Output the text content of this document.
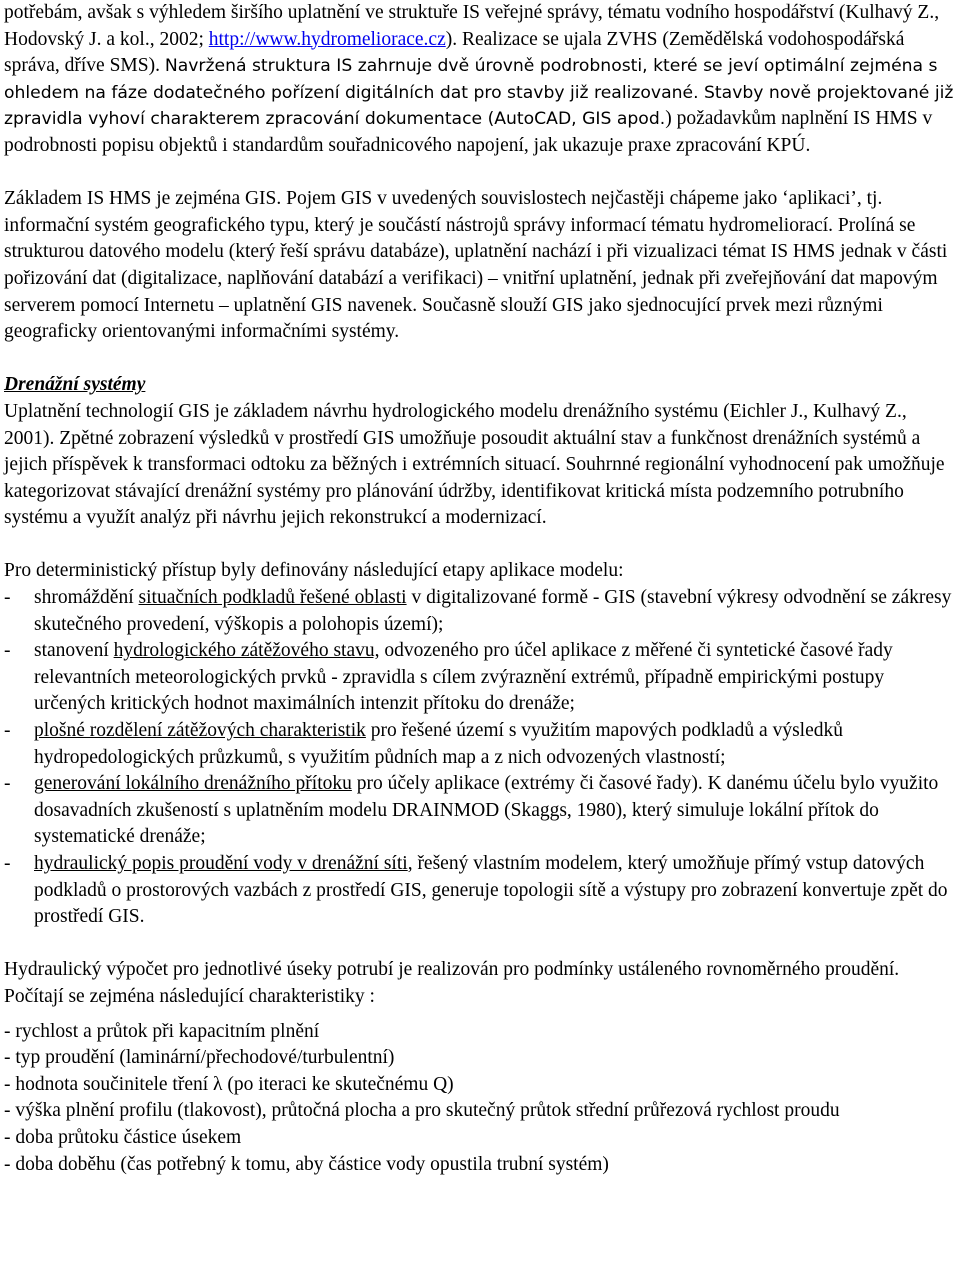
potřebám, avšak s výhledem širšího uplatnění ve struktuře IS veřejné správy, tématu vodního hospodářství (Kulhavý Z., Hodovský J. a kol., 2002; http://www.hydromeliorace.cz). Realizace se ujala ZVHS (Zemědělská vodohospodářská správa, dříve SMS). Navržená struktura IS zahrnuje dvě úrovně podrobnosti, které se jeví optimální zejména s ohledem na fáze dodatečného pořízení digitálních dat pro stavby již realizované. Stavby nově projektované již zpravidla vyhoví charakterem zpracování dokumentace (AutoCAD, GIS apod.) požadavkům naplnění IS HMS v podrobnosti popisu objektů i standardům souřadnicového napojení, jak ukazuje praxe zpracování KPÚ.

Základem IS HMS je zejména GIS. Pojem GIS v uvedených souvislostech nejčastěji chápeme jako ‘aplikaci’, tj. informační systém geografického typu, který je součástí nástrojů správy informací tématu hydromeliorací. Prolíná se strukturou datového modelu (který řeší správu databáze), uplatnění nachází i při vizualizaci témat IS HMS jednak v části pořizování dat (digitalizace, naplňování databází a verifikaci) – vnitřní uplatnění, jednak při zveřejňování dat mapovým serverem pomocí Internetu – uplatnění GIS navenek. Současně slouží GIS jako sjednocující prvek mezi různými geograficky orientovanými informačními systémy.

Drenážní systémy

Uplatnění technologií GIS je základem návrhu hydrologického modelu drenážního systému (Eichler J., Kulhavý Z., 2001). Zpětné zobrazení výsledků v prostředí GIS umožňuje posoudit aktuální stav a funkčnost drenážních systémů a jejich příspěvek k transformaci odtoku za běžných i extrémních situací. Souhrnné regionální vyhodnocení pak umožňuje kategorizovat stávající drenážní systémy pro plánování údržby, identifikovat kritická místa podzemního potrubního systému a využít analýz při návrhu jejich rekonstrukcí a modernizací.

Pro deterministický přístup byly definovány následující etapy aplikace modelu:

- shromáždění situačních podkladů řešené oblasti v digitalizované formě - GIS (stavební výkresy odvodnění se zákresy skutečného provedení, výškopis a polohopis území);
- stanovení hydrologického zátěžového stavu, odvozeného pro účel aplikace z měřené či syntetické časové řady relevantních meteorologických prvků - zpravidla s cílem zvýraznění extrémů, případně empirickými postupy určených kritických hodnot maximálních intenzit přítoku do drenáže;
- plošné rozdělení zátěžových charakteristik pro řešené území s využitím mapových podkladů a výsledků hydropedologických průzkumů, s využitím půdních map a z nich odvozených vlastností;
- generování lokálního drenážního přítoku pro účely aplikace (extrémy či časové řady). K danému účelu bylo využito dosavadních zkušeností s uplatněním modelu DRAINMOD (Skaggs, 1980), který simuluje lokální přítok do systematické drenáže;
- hydraulický popis proudění vody v drenážní síti, řešený vlastním modelem, který umožňuje přímý vstup datových podkladů o prostorových vazbách z prostředí GIS, generuje topologii sítě a výstupy pro zobrazení konvertuje zpět do prostředí GIS.

Hydraulický výpočet pro jednotlivé úseky potrubí je realizován pro podmínky ustáleného rovnoměrného proudění. Počítají se zejména následující charakteristiky :

- rychlost a průtok při kapacitním plnění
- typ proudění (laminární/přechodové/turbulentní)
- hodnota součinitele tření λ (po iteraci ke skutečnému Q)
- výška plnění profilu (tlakovost), průtočná plocha a pro skutečný průtok střední průřezová rychlost proudu
- doba průtoku částice úsekem
- doba doběhu (čas potřebný k tomu, aby částice vody opustila trubní systém)
